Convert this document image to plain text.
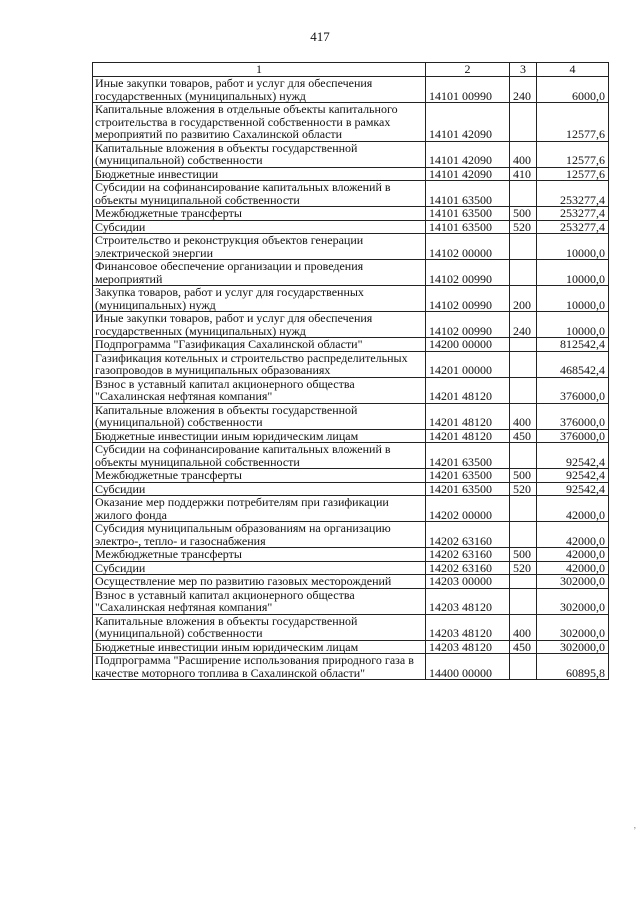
417
1	2	3	4
Иные закупки товаров, работ и услуг для обеспечения государственных (муниципальных) нужд	14101 00990	240	6000,0
Капитальные вложения в отдельные объекты капитального строительства в государственной собственности в рамках мероприятий по развитию Сахалинской области	14101 42090		12577,6
Капитальные вложения в объекты государственной (муниципальной) собственности	14101 42090	400	12577,6
Бюджетные инвестиции	14101 42090	410	12577,6
Субсидии на софинансирование капитальных вложений в объекты муниципальной собственности	14101 63500		253277,4
Межбюджетные трансферты	14101 63500	500	253277,4
Субсидии	14101 63500	520	253277,4
Строительство и реконструкция объектов генерации электрической энергии	14102 00000		10000,0
Финансовое обеспечение организации и проведения мероприятий	14102 00990		10000,0
Закупка товаров, работ и услуг для государственных (муниципальных) нужд	14102 00990	200	10000,0
Иные закупки товаров, работ и услуг для обеспечения государственных (муниципальных) нужд	14102 00990	240	10000,0
Подпрограмма "Газификация Сахалинской области"	14200 00000		812542,4
Газификация котельных и строительство распределительных газопроводов в муниципальных образованиях	14201 00000		468542,4
Взнос в уставный капитал акционерного общества "Сахалинская нефтяная компания"	14201 48120		376000,0
Капитальные вложения в объекты государственной (муниципальной) собственности	14201 48120	400	376000,0
Бюджетные инвестиции иным юридическим лицам	14201 48120	450	376000,0
Субсидии на софинансирование капитальных вложений в объекты муниципальной собственности	14201 63500		92542,4
Межбюджетные трансферты	14201 63500	500	92542,4
Субсидии	14201 63500	520	92542,4
Оказание мер поддержки потребителям при газификации жилого фонда	14202 00000		42000,0
Субсидия муниципальным образованиям на организацию электро-, тепло- и газоснабжения	14202 63160		42000,0
Межбюджетные трансферты	14202 63160	500	42000,0
Субсидии	14202 63160	520	42000,0
Осуществление мер по развитию газовых месторождений	14203 00000		302000,0
Взнос в уставный капитал акционерного общества "Сахалинская нефтяная компания"	14203 48120		302000,0
Капитальные вложения в объекты государственной (муниципальной) собственности	14203 48120	400	302000,0
Бюджетные инвестиции иным юридическим лицам	14203 48120	450	302000,0
Подпрограмма "Расширение использования природного газа в качестве моторного топлива в Сахалинской области"	14400 00000		60895,8
,
